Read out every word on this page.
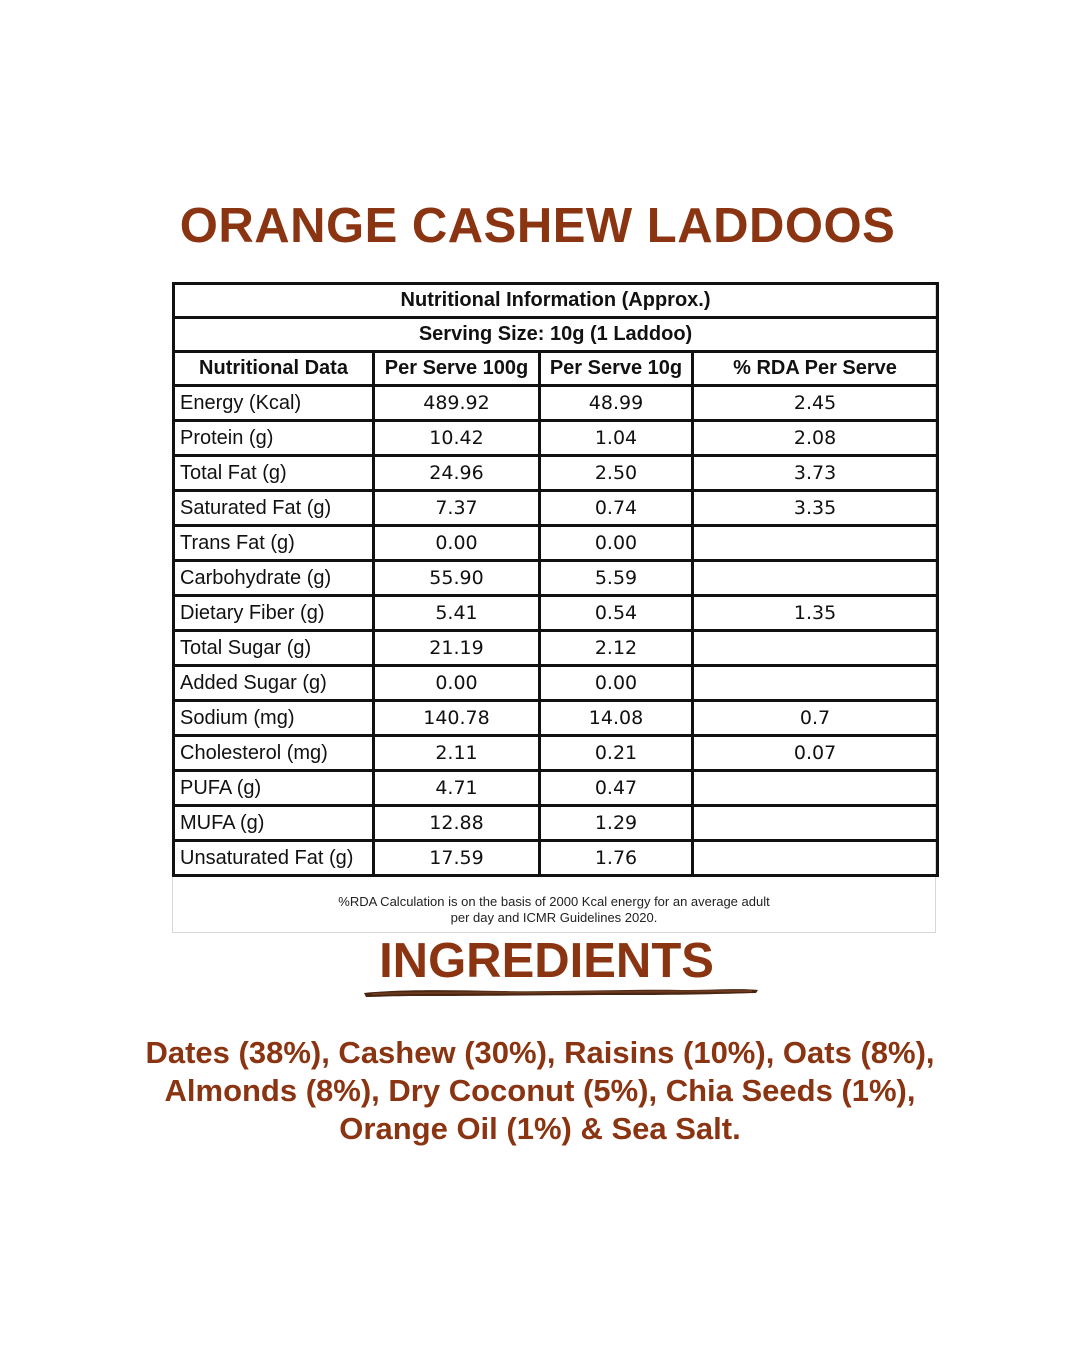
ORANGE CASHEW LADDOOS
Nutritional Information (Approx.)			
Serving Size: 10g (1 Laddoo)			
Nutritional Data	Per Serve 100g	Per Serve 10g	% RDA Per Serve
Energy (Kcal)	489.92	48.99	2.45
Protein (g)	10.42	1.04	2.08
Total Fat (g)	24.96	2.50	3.73
Saturated Fat (g)	7.37	0.74	3.35
Trans Fat (g)	0.00	0.00	
Carbohydrate (g)	55.90	5.59	
Dietary Fiber (g)	5.41	0.54	1.35
Total Sugar (g)	21.19	2.12	
Added Sugar (g)	0.00	0.00	
Sodium (mg)	140.78	14.08	0.7
Cholesterol (mg)	2.11	0.21	0.07
PUFA (g)	4.71	0.47	
MUFA (g)	12.88	1.29	
Unsaturated Fat (g)	17.59	1.76	
%RDA Calculation is on the basis of 2000 Kcal energy for an average adult
per day and ICMR Guidelines 2020.
INGREDIENTS
Dates (38%), Cashew (30%), Raisins (10%), Oats (8%),
Almonds (8%), Dry Coconut (5%), Chia Seeds (1%),
Orange Oil (1%) & Sea Salt.
